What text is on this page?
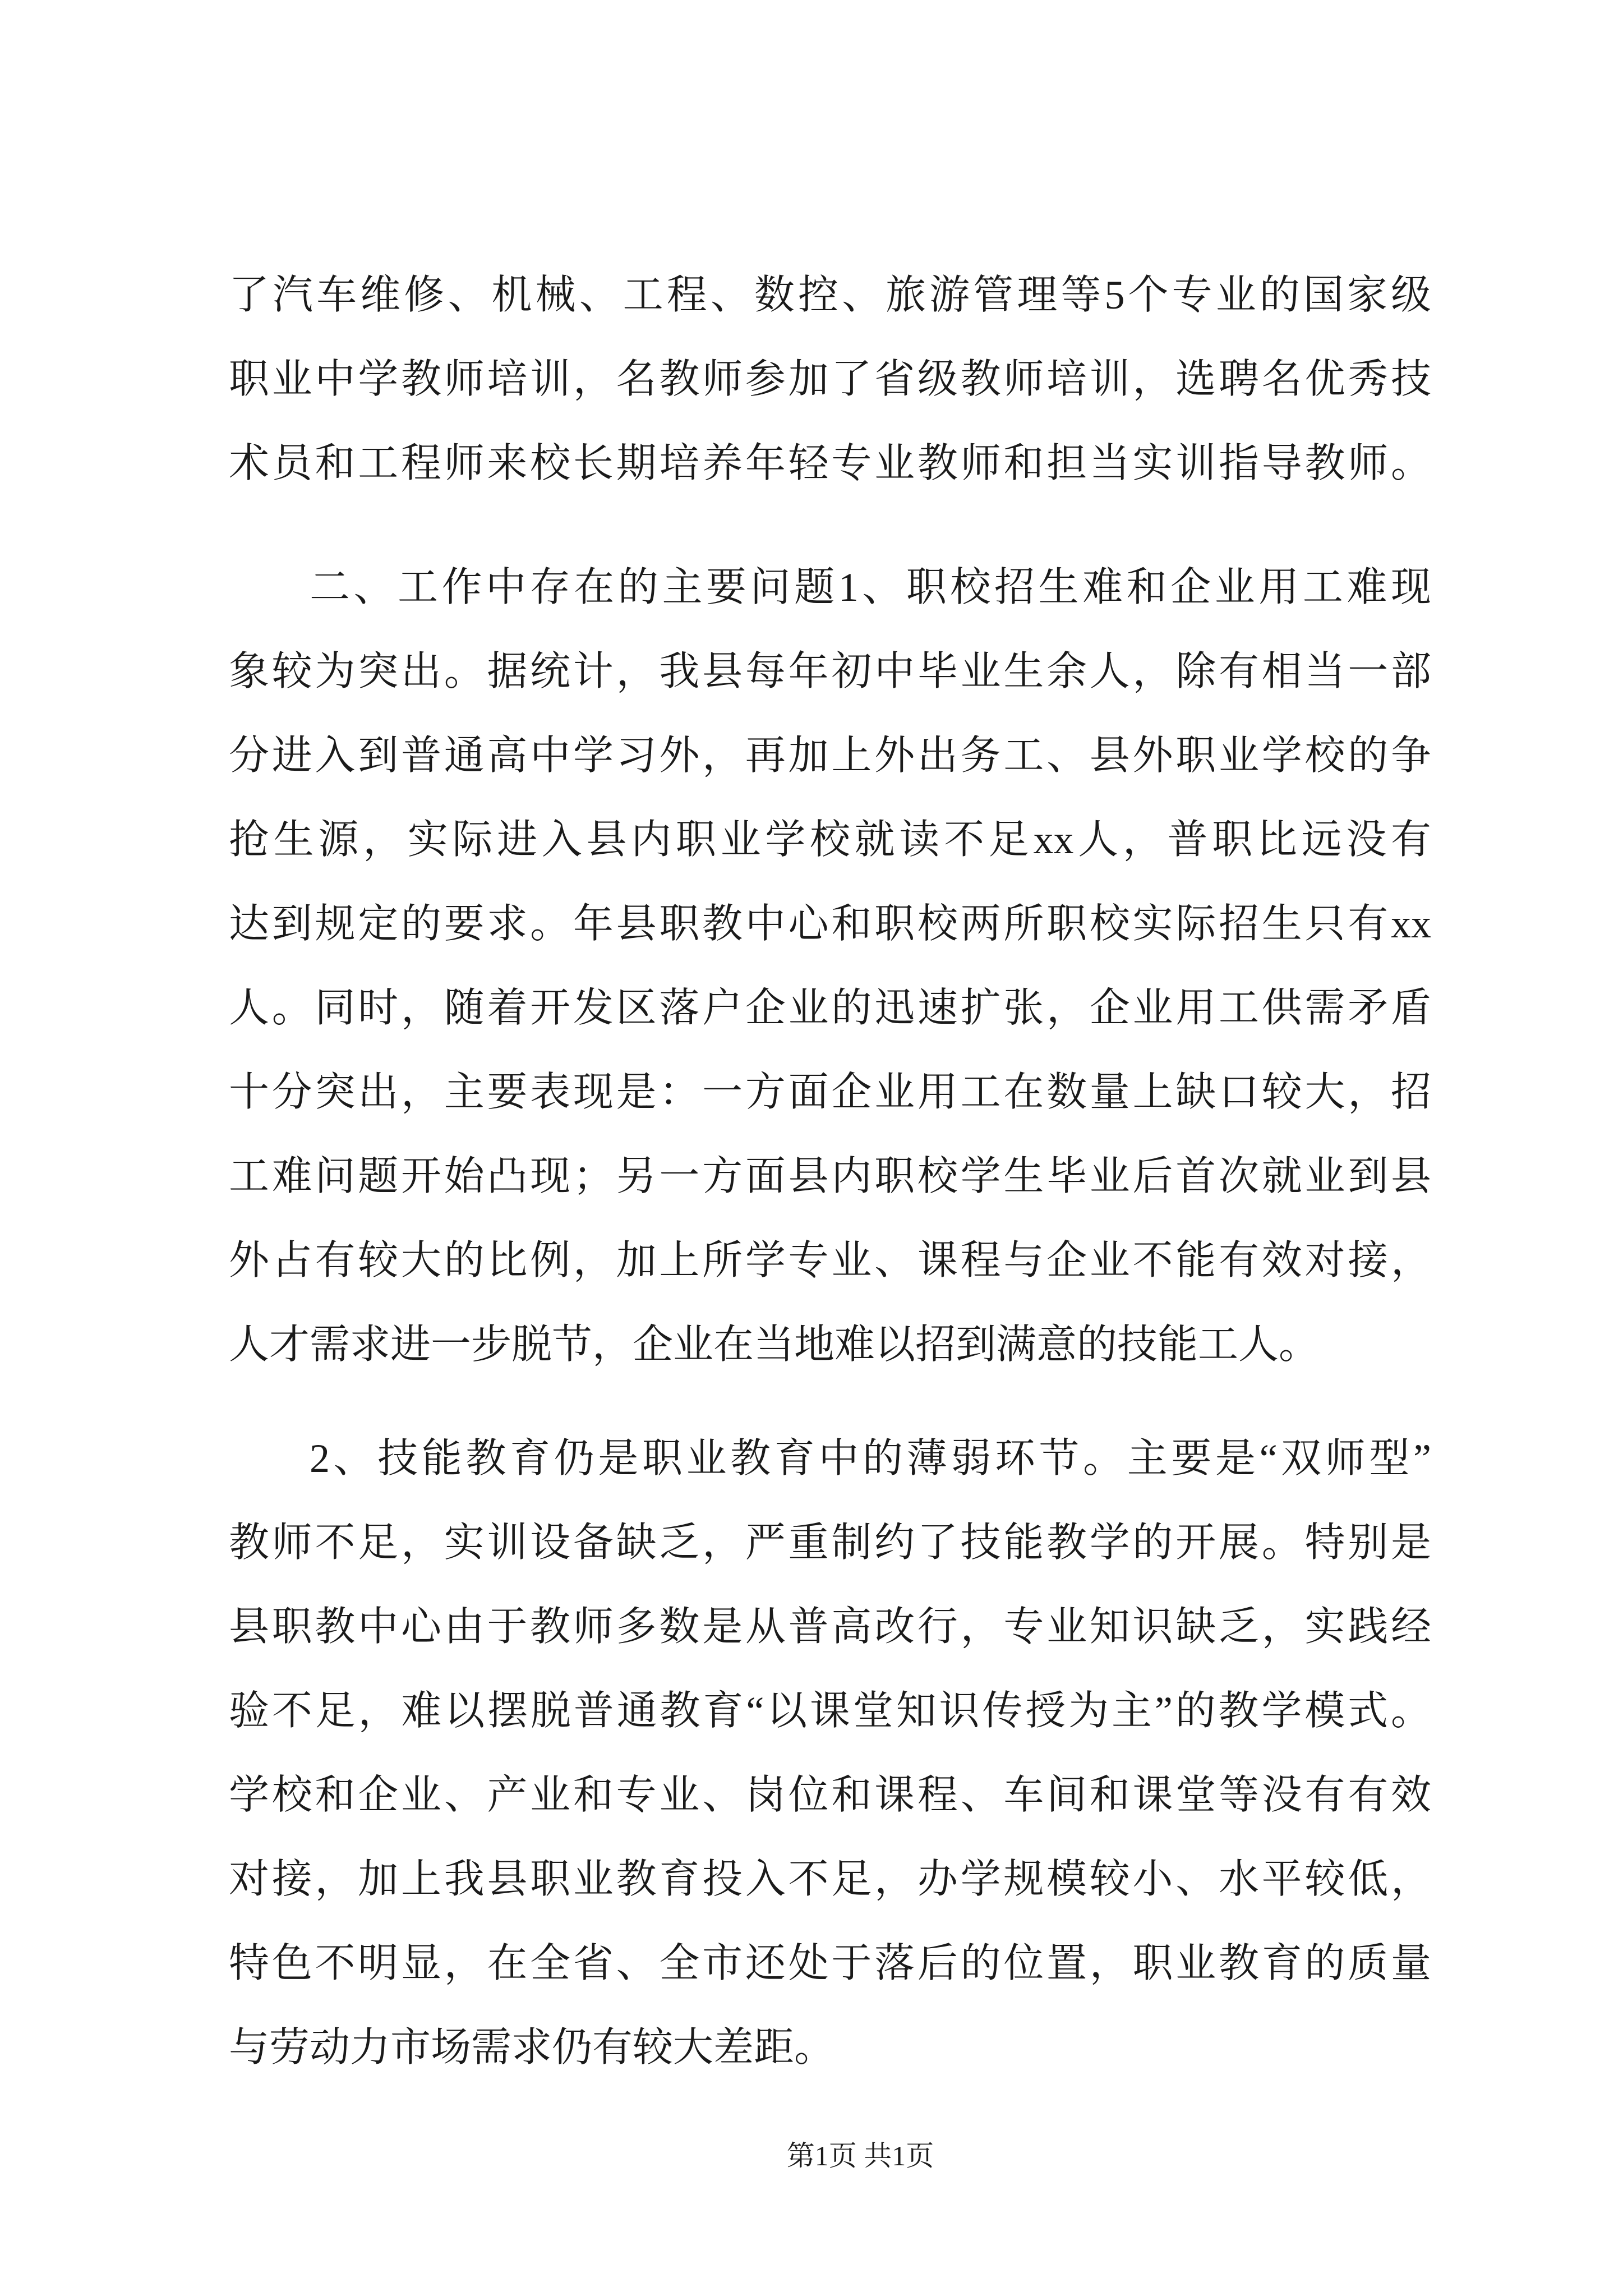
了汽车维修、机械、工程、数控、旅游管理等5个专业的国家级
职业中学教师培训，名教师参加了省级教师培训，选聘名优秀技
术员和工程师来校长期培养年轻专业教师和担当实训指导教师。
二、工作中存在的主要问题1、职校招生难和企业用工难现
象较为突出。据统计，我县每年初中毕业生余人，除有相当一部
分进入到普通高中学习外，再加上外出务工、县外职业学校的争
抢生源，实际进入县内职业学校就读不足xx人，普职比远没有
达到规定的要求。年县职教中心和职校两所职校实际招生只有xx
人。同时，随着开发区落户企业的迅速扩张，企业用工供需矛盾
十分突出，主要表现是：一方面企业用工在数量上缺口较大，招
工难问题开始凸现；另一方面县内职校学生毕业后首次就业到县
外占有较大的比例，加上所学专业、课程与企业不能有效对接，
人才需求进一步脱节，企业在当地难以招到满意的技能工人。
2、技能教育仍是职业教育中的薄弱环节。主要是“双师型”
教师不足，实训设备缺乏，严重制约了技能教学的开展。特别是
县职教中心由于教师多数是从普高改行，专业知识缺乏，实践经
验不足，难以摆脱普通教育“以课堂知识传授为主”的教学模式。
学校和企业、产业和专业、岗位和课程、车间和课堂等没有有效
对接，加上我县职业教育投入不足，办学规模较小、水平较低，
特色不明显，在全省、全市还处于落后的位置，职业教育的质量
与劳动力市场需求仍有较大差距。
第1页 共1页
